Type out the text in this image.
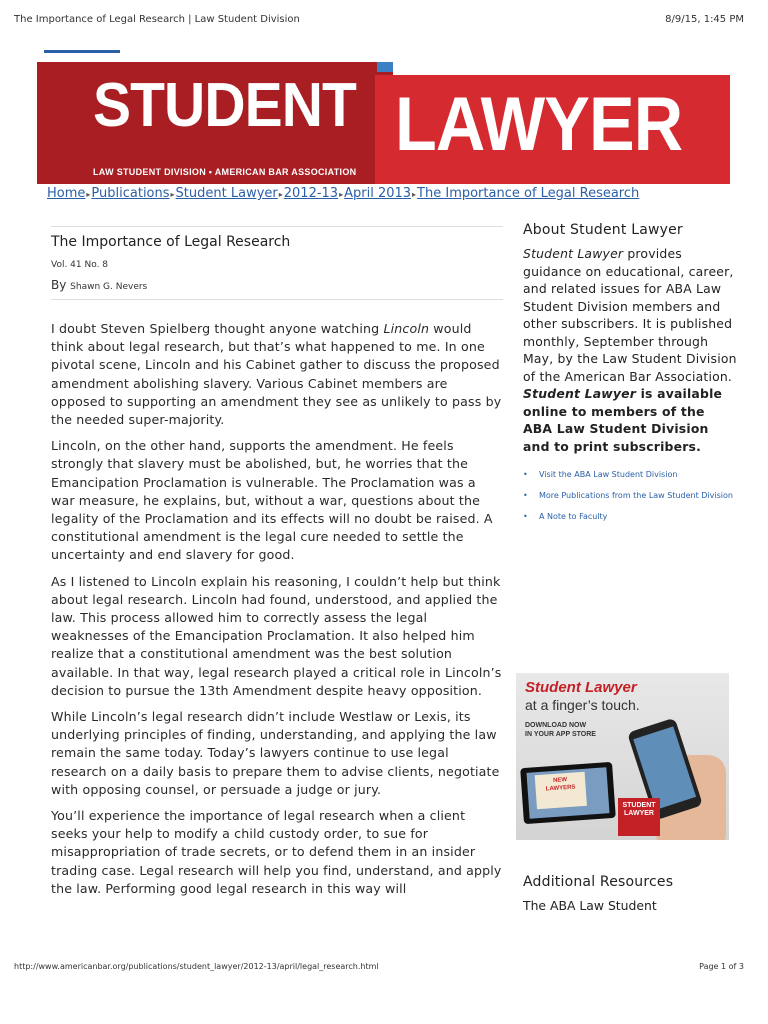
The Importance of Legal Research | Law Student Division	8/9/15, 1:45 PM
STUDENT
LAW STUDENT DIVISION • AMERICAN BAR ASSOCIATION
LAWYER
Home▸Publications▸Student Lawyer▸2012-13▸April 2013▸The Importance of Legal Research
The Importance of Legal Research
Vol. 41 No. 8
By Shawn G. Nevers

I doubt Steven Spielberg thought anyone watching Lincoln would think about legal research, but that’s what happened to me. In one pivotal scene, Lincoln and his Cabinet gather to discuss the proposed amendment abolishing slavery. Various Cabinet members are opposed to supporting an amendment they see as unlikely to pass by the needed super-majority.

Lincoln, on the other hand, supports the amendment. He feels strongly that slavery must be abolished, but, he worries that the Emancipation Proclamation is vulnerable. The Proclamation was a war measure, he explains, but, without a war, questions about the legality of the Proclamation and its effects will no doubt be raised. A constitutional amendment is the legal cure needed to settle the uncertainty and end slavery for good.

As I listened to Lincoln explain his reasoning, I couldn’t help but think about legal research. Lincoln had found, understood, and applied the law. This process allowed him to correctly assess the legal weaknesses of the Emancipation Proclamation. It also helped him realize that a constitutional amendment was the best solution available. In that way, legal research played a critical role in Lincoln’s decision to pursue the 13th Amendment despite heavy opposition.

While Lincoln’s legal research didn’t include Westlaw or Lexis, its underlying principles of finding, understanding, and applying the law remain the same today. Today’s lawyers continue to use legal research on a daily basis to prepare them to advise clients, negotiate with opposing counsel, or persuade a judge or jury.

You’ll experience the importance of legal research when a client seeks your help to modify a child custody order, to sue for misappropriation of trade secrets, or to defend them in an insider trading case. Legal research will help you find, understand, and apply the law. Performing good legal research in this way will

About Student Lawyer
Student Lawyer provides guidance on educational, career, and related issues for ABA Law Student Division members and other subscribers. It is published monthly, September through May, by the Law Student Division of the American Bar Association. Student Lawyer is available online to members of the ABA Law Student Division and to print subscribers.
• Visit the ABA Law Student Division
• More Publications from the Law Student Division
• A Note to Faculty
Student Lawyer
at a finger’s touch.
DOWNLOAD NOW
IN YOUR APP STORE
NEW
LAWYERS
STUDENT
LAWYER
Additional Resources
The ABA Law Student
http://www.americanbar.org/publications/student_lawyer/2012-13/april/legal_research.html	Page 1 of 3
